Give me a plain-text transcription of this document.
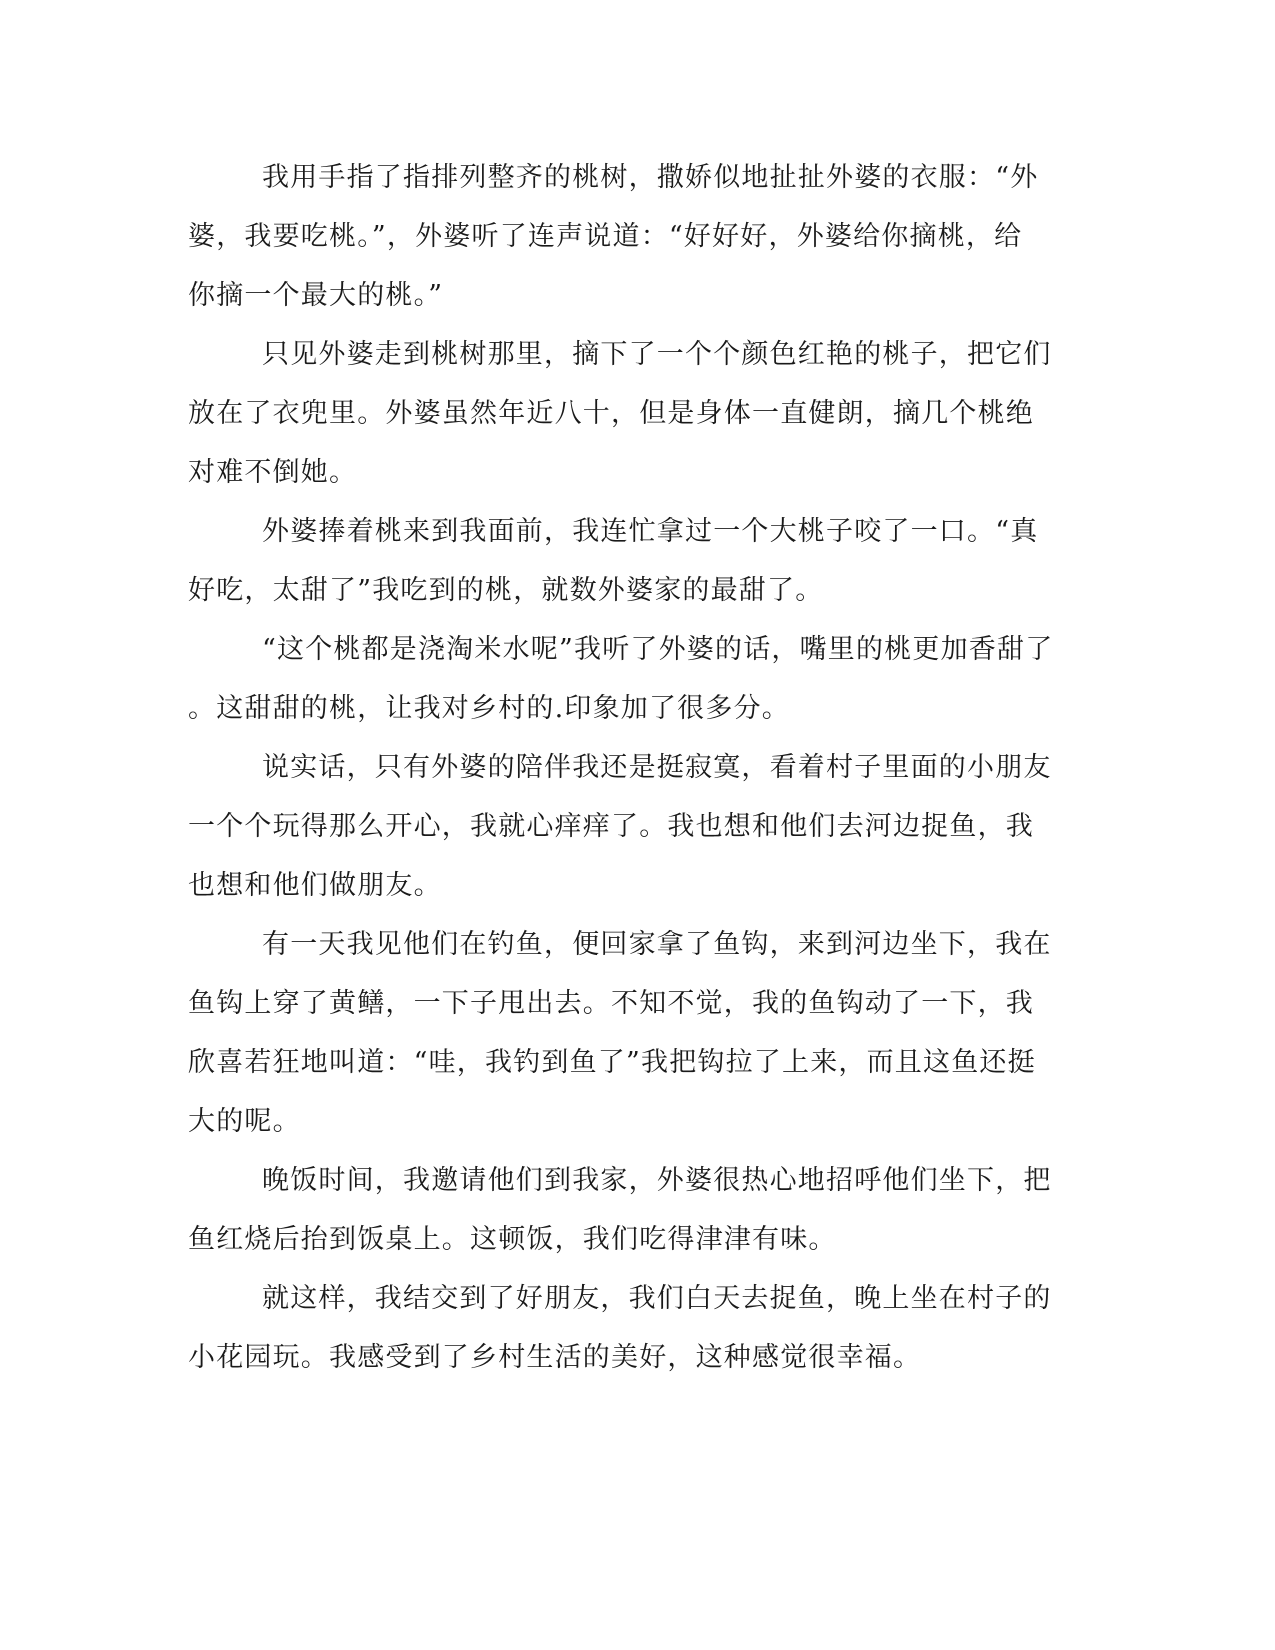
我用手指了指排列整齐的桃树，撒娇似地扯扯外婆的衣服：“外
婆，我要吃桃。”，外婆听了连声说道：“好好好，外婆给你摘桃，给
你摘一个最大的桃。”
只见外婆走到桃树那里，摘下了一个个颜色红艳的桃子，把它们
放在了衣兜里。外婆虽然年近八十，但是身体一直健朗，摘几个桃绝
对难不倒她。
外婆捧着桃来到我面前，我连忙拿过一个大桃子咬了一口。“真
好吃，太甜了”我吃到的桃，就数外婆家的最甜了。
“这个桃都是浇淘米水呢”我听了外婆的话，嘴里的桃更加香甜了
。这甜甜的桃，让我对乡村的.印象加了很多分。
说实话，只有外婆的陪伴我还是挺寂寞，看着村子里面的小朋友
一个个玩得那么开心，我就心痒痒了。我也想和他们去河边捉鱼，我
也想和他们做朋友。
有一天我见他们在钓鱼，便回家拿了鱼钩，来到河边坐下，我在
鱼钩上穿了黄鳝，一下子甩出去。不知不觉，我的鱼钩动了一下，我
欣喜若狂地叫道：“哇，我钓到鱼了”我把钩拉了上来，而且这鱼还挺
大的呢。
晚饭时间，我邀请他们到我家，外婆很热心地招呼他们坐下，把
鱼红烧后抬到饭桌上。这顿饭，我们吃得津津有味。
就这样，我结交到了好朋友，我们白天去捉鱼，晚上坐在村子的
小花园玩。我感受到了乡村生活的美好，这种感觉很幸福。
